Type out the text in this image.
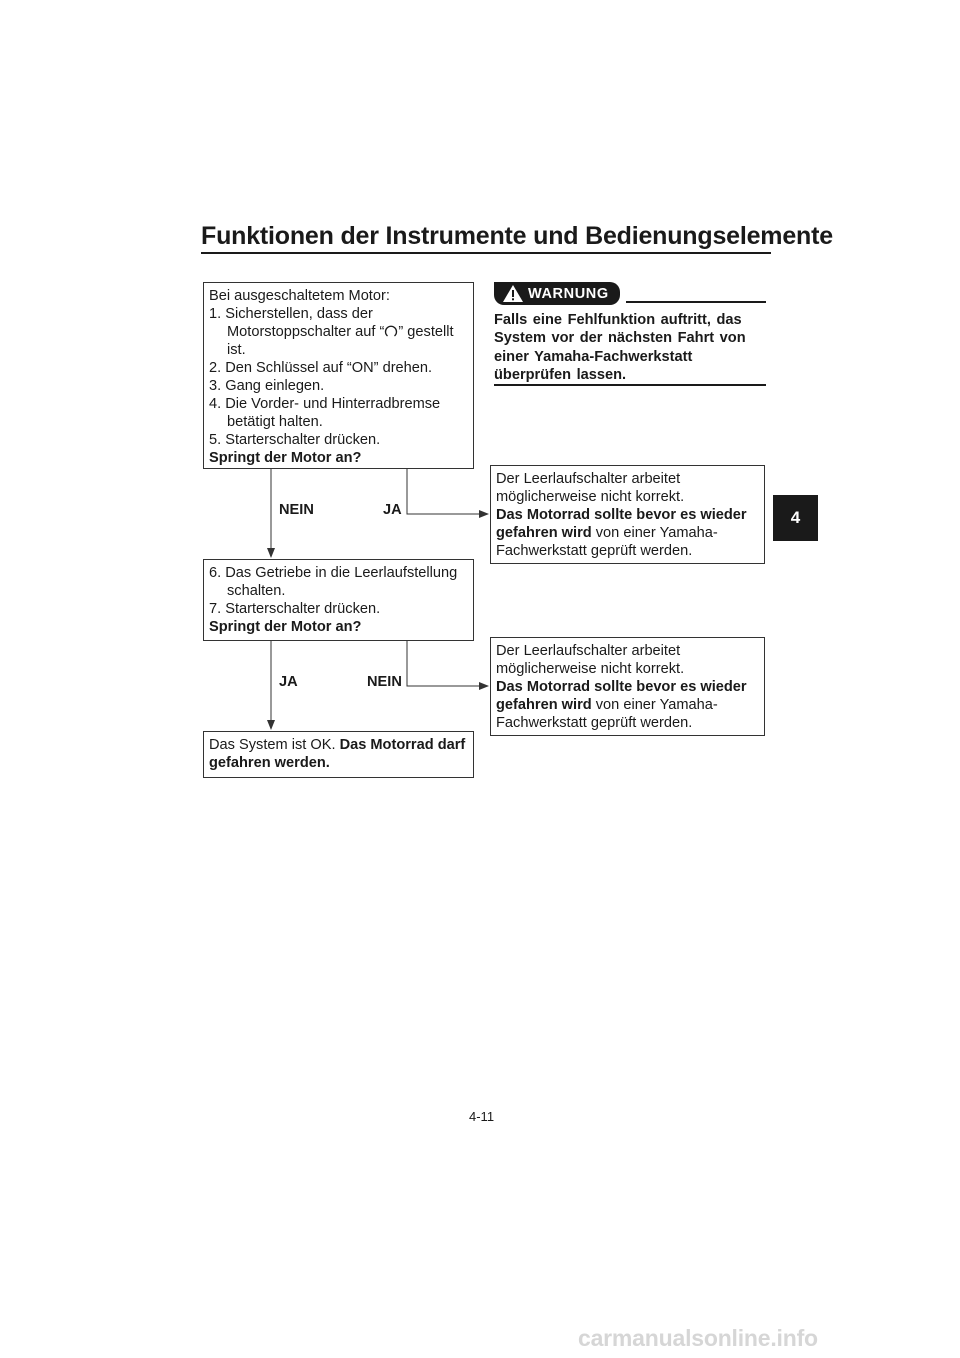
Funktionen der Instrumente und Bedienungselemente
4
Bei ausgeschaltetem Motor:
1. Sicherstellen, dass der
Motorstoppschalter auf “ ” gestellt
ist.
2. Den Schlüssel auf “ON” drehen.
3. Gang einlegen.
4. Die Vorder- und Hinterradbremse
betätigt halten.
5. Starterschalter drücken.
Springt der Motor an?
NEIN	JA
6. Das Getriebe in die Leerlaufstellung
schalten.
7. Starterschalter drücken.
Springt der Motor an?
JA	NEIN
Das System ist OK. Das Motorrad darf gefahren werden.
Der Leerlaufschalter arbeitet
möglicherweise nicht korrekt.
Das Motorrad sollte bevor es wieder gefahren wird von einer Yamaha-Fachwerkstatt geprüft werden.
Der Leerlaufschalter arbeitet
möglicherweise nicht korrekt.
Das Motorrad sollte bevor es wieder gefahren wird von einer Yamaha-Fachwerkstatt geprüft werden.
WARNUNG
Falls eine Fehlfunktion auftritt, das System vor der nächsten Fahrt von einer Yamaha-Fachwerkstatt überprüfen lassen.
4-11
carmanualsonline.info
